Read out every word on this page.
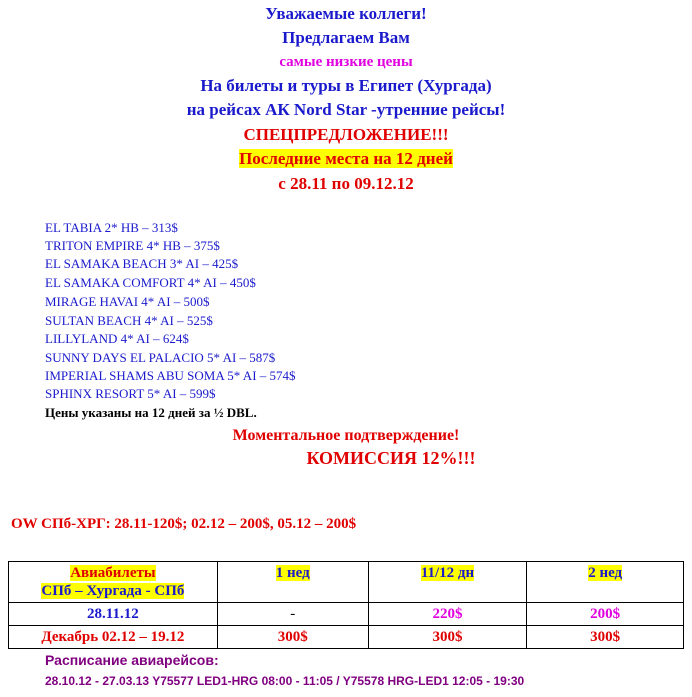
Уважаемые коллеги!
Предлагаем Вам
самые низкие цены
На билеты и туры в Египет (Хургада)
на рейсах АК Nord Star -утренние рейсы!
СПЕЦПРЕДЛОЖЕНИЕ!!!
Последние места на 12 дней
с 28.11 по 09.12.12
EL TABIA 2* HB – 313$
TRITON EMPIRE 4* HB – 375$
EL SAMAKA BEACH 3* AI – 425$
EL SAMAKA COMFORT 4* AI – 450$
MIRAGE HAVAI 4* AI – 500$
SULTAN BEACH 4* AI – 525$
LILLYLAND 4* AI – 624$
SUNNY DAYS EL PALACIO 5* AI – 587$
IMPERIAL SHAMS ABU SOMA 5* AI – 574$
SPHINX RESORT 5* AI – 599$
Цены указаны на 12 дней за ½ DBL.
Моментальное подтверждение!
КОМИССИЯ 12%!!!
OW СПб-ХРГ: 28.11-120$; 02.12 – 200$, 05.12 – 200$
Авиабилеты
СПб – Хургада - СПб	1 нед	11/12 дн	2 нед
28.11.12	-	220$	200$
Декабрь 02.12 – 19.12	300$	300$	300$
Расписание авиарейсов:
28.10.12 - 27.03.13 Y75577 LED1-HRG 08:00 - 11:05 / Y75578 HRG-LED1 12:05 - 19:30
